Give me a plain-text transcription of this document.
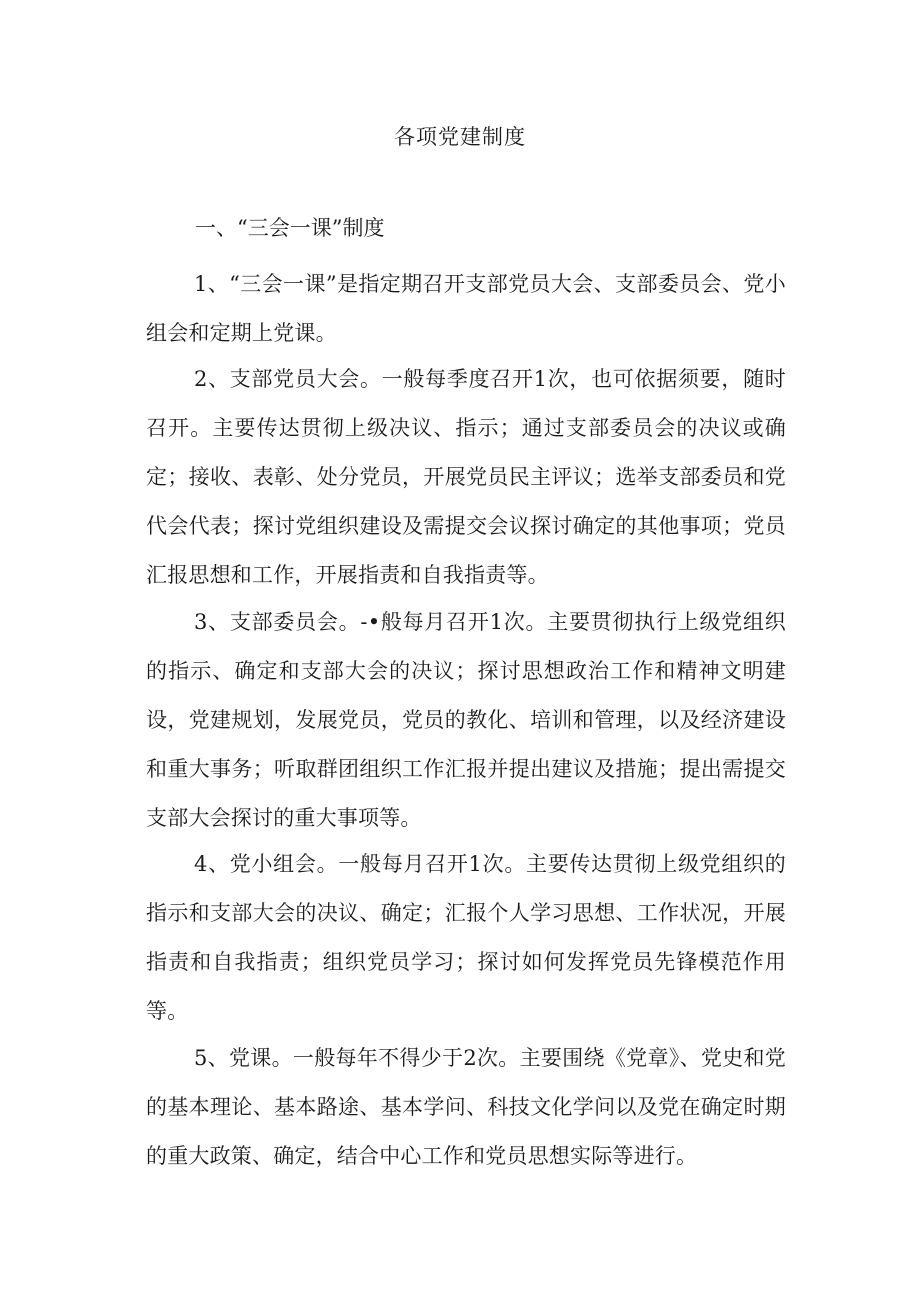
各项党建制度
一、“三会一课”制度
1、“三会一课”是指定期召开支部党员大会、支部委员会、党小组会和定期上党课。
2、支部党员大会。一般每季度召开1次，也可依据须要，随时召开。主要传达贯彻上级决议、指示；通过支部委员会的决议或确定；接收、表彰、处分党员，开展党员民主评议；选举支部委员和党代会代表；探讨党组织建设及需提交会议探讨确定的其他事项；党员汇报思想和工作，开展指责和自我指责等。
3、支部委员会。-•般每月召开1次。主要贯彻执行上级党组织的指示、确定和支部大会的决议；探讨思想政治工作和精神文明建设，党建规划，发展党员，党员的教化、培训和管理，以及经济建设和重大事务；听取群团组织工作汇报并提出建议及措施；提出需提交支部大会探讨的重大事项等。
4、党小组会。一般每月召开1次。主要传达贯彻上级党组织的指示和支部大会的决议、确定；汇报个人学习思想、工作状况，开展指责和自我指责；组织党员学习；探讨如何发挥党员先锋模范作用等。
5、党课。一般每年不得少于2次。主要围绕《党章》、党史和党的基本理论、基本路途、基本学问、科技文化学问以及党在确定时期的重大政策、确定，结合中心工作和党员思想实际等进行。
